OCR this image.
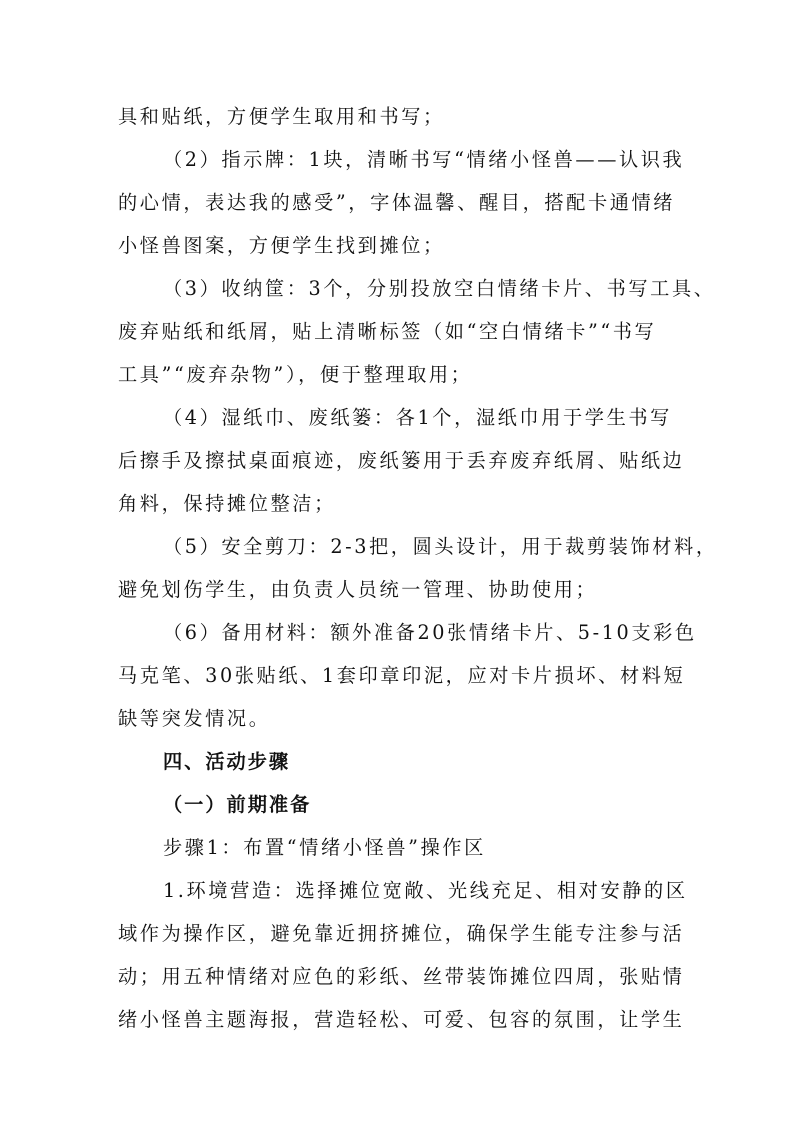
具和贴纸，方便学生取用和书写；
（2）指示牌：1块，清晰书写“情绪小怪兽——认识我
的心情，表达我的感受”，字体温馨、醒目，搭配卡通情绪
小怪兽图案，方便学生找到摊位；
（3）收纳筐：3个，分别投放空白情绪卡片、书写工具、
废弃贴纸和纸屑，贴上清晰标签（如“空白情绪卡”“书写
工具”“废弃杂物”），便于整理取用；
（4）湿纸巾、废纸篓：各1个，湿纸巾用于学生书写
后擦手及擦拭桌面痕迹，废纸篓用于丢弃废弃纸屑、贴纸边
角料，保持摊位整洁；
（5）安全剪刀：2-3把，圆头设计，用于裁剪装饰材料，
避免划伤学生，由负责人员统一管理、协助使用；
（6）备用材料：额外准备20张情绪卡片、5-10支彩色
马克笔、30张贴纸、1套印章印泥，应对卡片损坏、材料短
缺等突发情况。
四、活动步骤
（一）前期准备
步骤1：布置“情绪小怪兽”操作区
1.环境营造：选择摊位宽敞、光线充足、相对安静的区
域作为操作区，避免靠近拥挤摊位，确保学生能专注参与活
动；用五种情绪对应色的彩纸、丝带装饰摊位四周，张贴情
绪小怪兽主题海报，营造轻松、可爱、包容的氛围，让学生
